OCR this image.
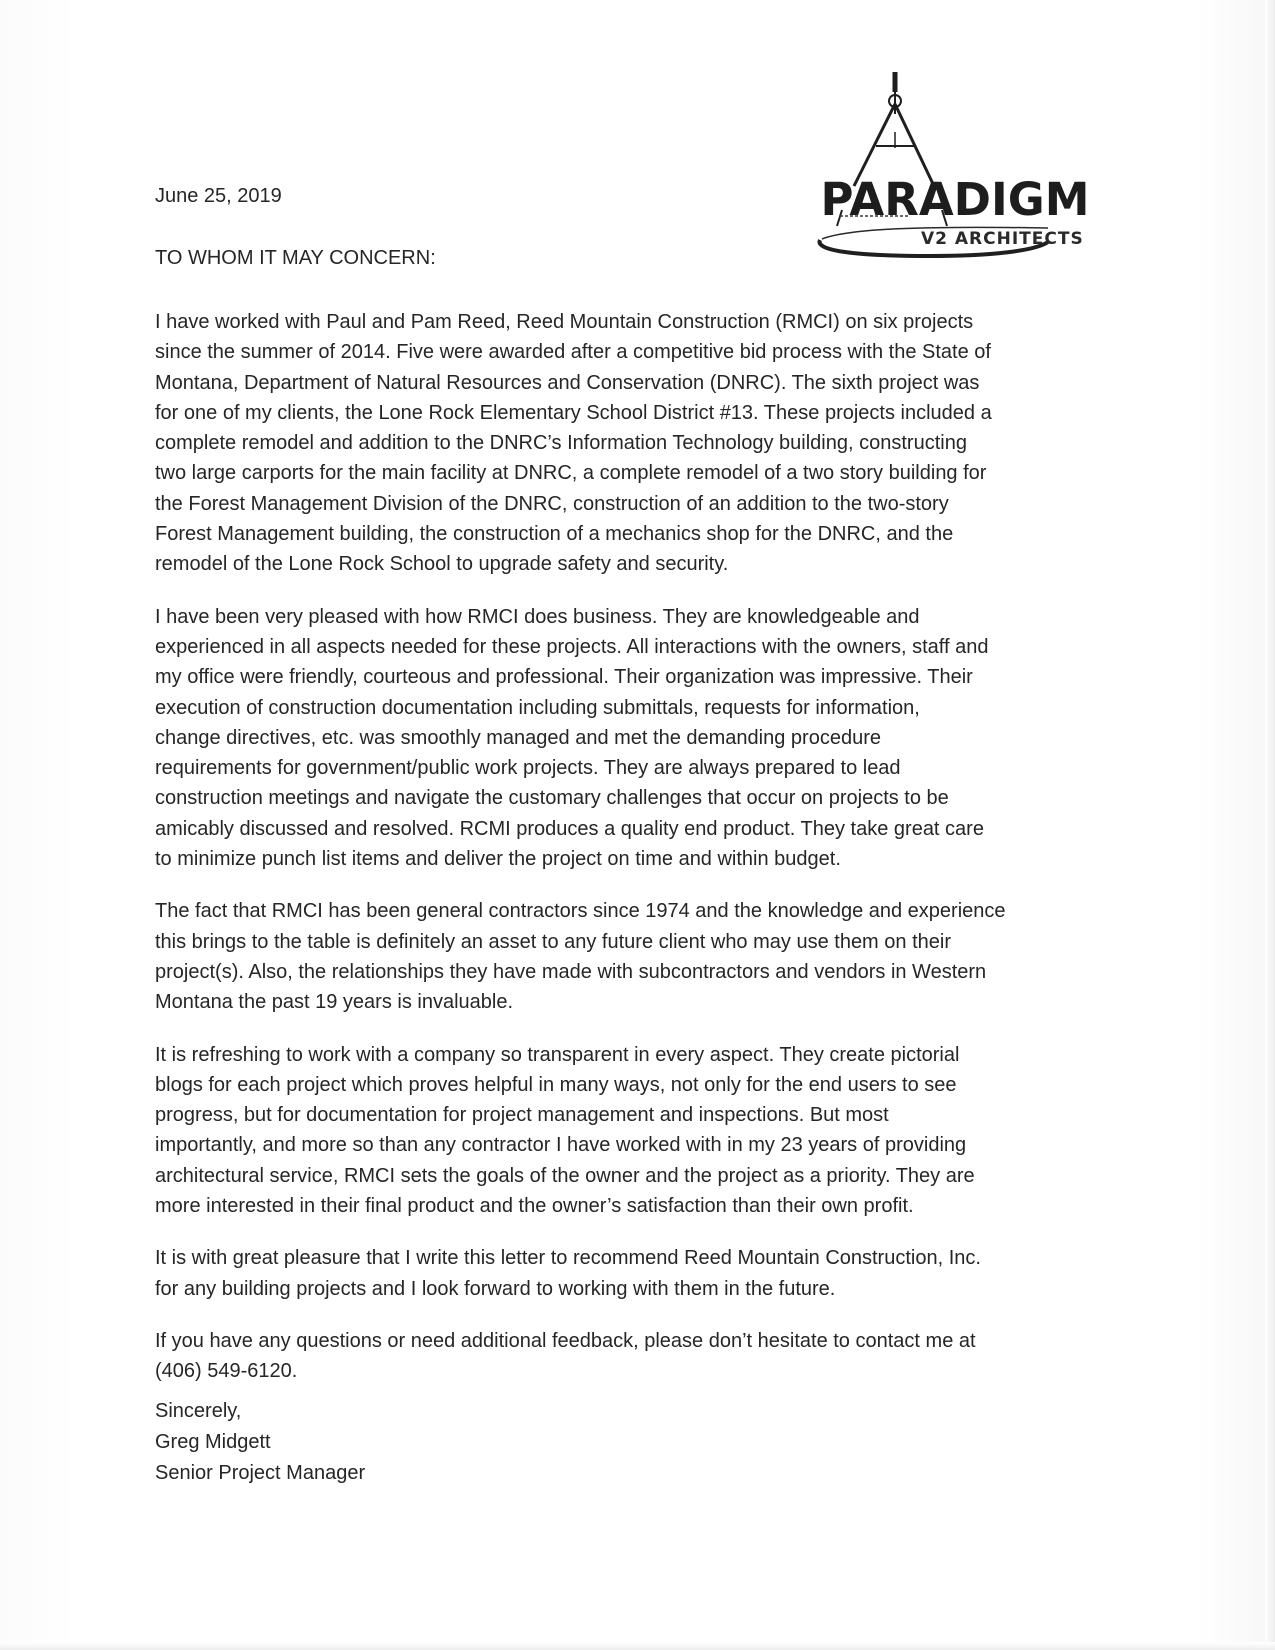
PARADIGM
V2 ARCHITECTS

June 25, 2019

TO WHOM IT MAY CONCERN:

I have worked with Paul and Pam Reed, Reed Mountain Construction (RMCI) on six projects
since the summer of 2014. Five were awarded after a competitive bid process with the State of
Montana, Department of Natural Resources and Conservation (DNRC). The sixth project was
for one of my clients, the Lone Rock Elementary School District #13. These projects included a
complete remodel and addition to the DNRC’s Information Technology building, constructing
two large carports for the main facility at DNRC, a complete remodel of a two story building for
the Forest Management Division of the DNRC, construction of an addition to the two-story
Forest Management building, the construction of a mechanics shop for the DNRC, and the
remodel of the Lone Rock School to upgrade safety and security.

I have been very pleased with how RMCI does business. They are knowledgeable and
experienced in all aspects needed for these projects. All interactions with the owners, staff and
my office were friendly, courteous and professional. Their organization was impressive. Their
execution of construction documentation including submittals, requests for information,
change directives, etc. was smoothly managed and met the demanding procedure
requirements for government/public work projects. They are always prepared to lead
construction meetings and navigate the customary challenges that occur on projects to be
amicably discussed and resolved. RCMI produces a quality end product. They take great care
to minimize punch list items and deliver the project on time and within budget.

The fact that RMCI has been general contractors since 1974 and the knowledge and experience
this brings to the table is definitely an asset to any future client who may use them on their
project(s). Also, the relationships they have made with subcontractors and vendors in Western
Montana the past 19 years is invaluable.

It is refreshing to work with a company so transparent in every aspect. They create pictorial
blogs for each project which proves helpful in many ways, not only for the end users to see
progress, but for documentation for project management and inspections. But most
importantly, and more so than any contractor I have worked with in my 23 years of providing
architectural service, RMCI sets the goals of the owner and the project as a priority. They are
more interested in their final product and the owner’s satisfaction than their own profit.

It is with great pleasure that I write this letter to recommend Reed Mountain Construction, Inc.
for any building projects and I look forward to working with them in the future.

If you have any questions or need additional feedback, please don’t hesitate to contact me at
(406) 549-6120.

Sincerely,
Greg Midgett
Senior Project Manager
